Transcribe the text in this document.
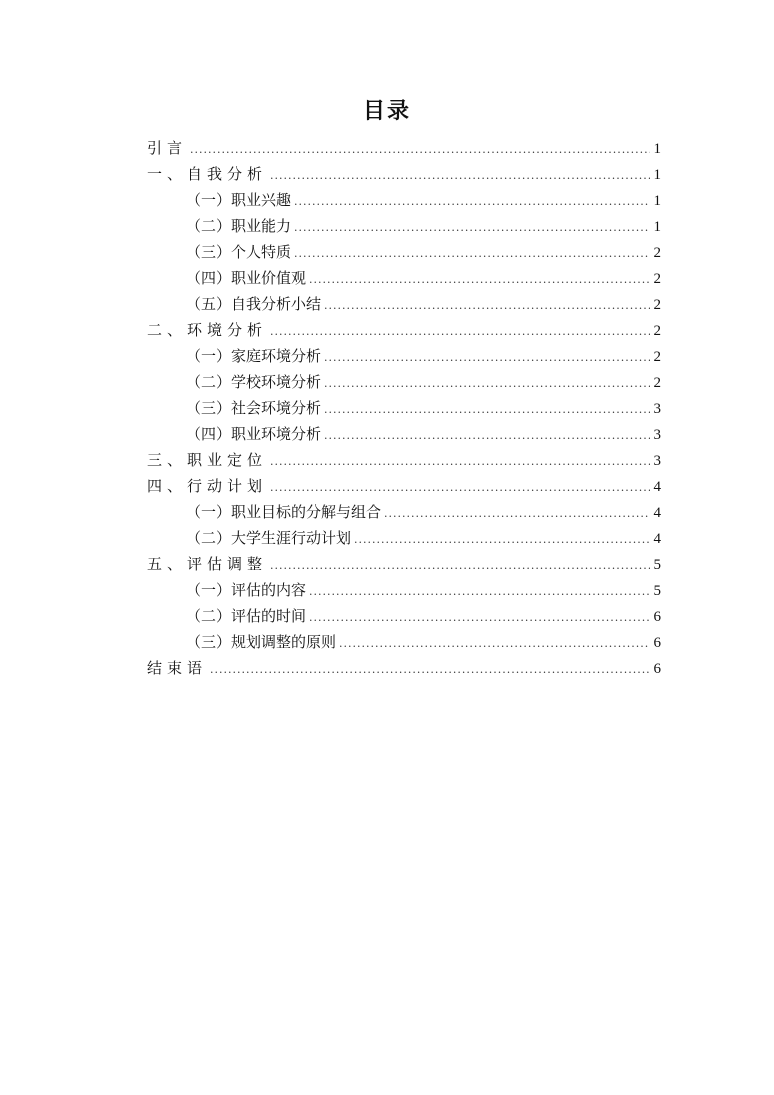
目录
引言 .....	1
一、自我分析 .....	1
（一）职业兴趣 .....	1
（二）职业能力 .....	1
（三）个人特质 .....	2
（四）职业价值观 .....	2
（五）自我分析小结 .....	2
二、环境分析 .....	2
（一）家庭环境分析 .....	2
（二）学校环境分析 .....	2
（三）社会环境分析 .....	3
（四）职业环境分析 .....	3
三、职业定位 .....	3
四、行动计划 .....	4
（一）职业目标的分解与组合 .....	4
（二）大学生涯行动计划 .....	4
五、评估调整 .....	5
（一）评估的内容 .....	5
（二）评估的时间 .....	6
（三）规划调整的原则 .....	6
结束语 .....	6
